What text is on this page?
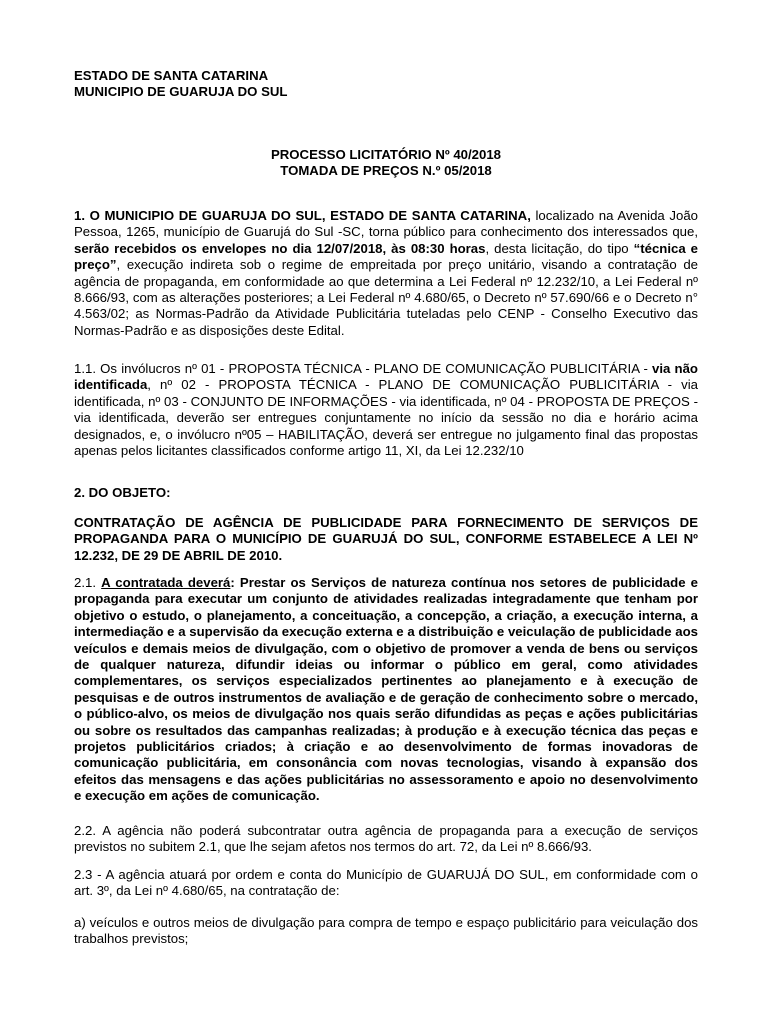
ESTADO DE SANTA CATARINA
MUNICIPIO DE GUARUJA DO SUL
PROCESSO LICITATÓRIO Nº 40/2018
TOMADA DE PREÇOS N.º 05/2018

1. O MUNICIPIO DE GUARUJA DO SUL, ESTADO DE SANTA CATARINA, localizado na Avenida João Pessoa, 1265, município de Guarujá do Sul -SC, torna público para conhecimento dos interessados que, serão recebidos os envelopes no dia 12/07/2018, às 08:30 horas, desta licitação, do tipo “técnica e preço”, execução indireta sob o regime de empreitada por preço unitário, visando a contratação de agência de propaganda, em conformidade ao que determina a Lei Federal nº 12.232/10, a Lei Federal nº 8.666/93, com as alterações posteriores; a Lei Federal nº 4.680/65, o Decreto nº 57.690/66 e o Decreto n° 4.563/02; as Normas-Padrão da Atividade Publicitária tuteladas pelo CENP - Conselho Executivo das Normas-Padrão e as disposições deste Edital.

1.1. Os invólucros nº 01 - PROPOSTA TÉCNICA - PLANO DE COMUNICAÇÃO PUBLICITÁRIA - via não identificada, nº 02 - PROPOSTA TÉCNICA - PLANO DE COMUNICAÇÃO PUBLICITÁRIA - via identificada, nº 03 - CONJUNTO DE INFORMAÇÕES - via identificada, nº 04 - PROPOSTA DE PREÇOS - via identificada, deverão ser entregues conjuntamente no início da sessão no dia e horário acima designados, e, o invólucro nº05 – HABILITAÇÃO, deverá ser entregue no julgamento final das propostas apenas pelos licitantes classificados conforme artigo 11, XI, da Lei 12.232/10

2. DO OBJETO:

CONTRATAÇÃO DE AGÊNCIA DE PUBLICIDADE PARA FORNECIMENTO DE SERVIÇOS DE PROPAGANDA PARA O MUNICÍPIO DE GUARUJÁ DO SUL, CONFORME ESTABELECE A LEI Nº 12.232, DE 29 DE ABRIL DE 2010.

2.1. A contratada deverá: Prestar os Serviços de natureza contínua nos setores de publicidade e propaganda para executar um conjunto de atividades realizadas integradamente que tenham por objetivo o estudo, o planejamento, a conceituação, a concepção, a criação, a execução interna, a intermediação e a supervisão da execução externa e a distribuição e veiculação de publicidade aos veículos e demais meios de divulgação, com o objetivo de promover a venda de bens ou serviços de qualquer natureza, difundir ideias ou informar o público em geral, como atividades complementares, os serviços especializados pertinentes ao planejamento e à execução de pesquisas e de outros instrumentos de avaliação e de geração de conhecimento sobre o mercado, o público-alvo, os meios de divulgação nos quais serão difundidas as peças e ações publicitárias ou sobre os resultados das campanhas realizadas; à produção e à execução técnica das peças e projetos publicitários criados; à criação e ao desenvolvimento de formas inovadoras de comunicação publicitária, em consonância com novas tecnologias, visando à expansão dos efeitos das mensagens e das ações publicitárias no assessoramento e apoio no desenvolvimento e execução em ações de comunicação.

2.2. A agência não poderá subcontratar outra agência de propaganda para a execução de serviços previstos no subitem 2.1, que lhe sejam afetos nos termos do art. 72, da Lei nº 8.666/93.

2.3 - A agência atuará por ordem e conta do Município de GUARUJÁ DO SUL, em conformidade com o art. 3º, da Lei nº 4.680/65, na contratação de:

a) veículos e outros meios de divulgação para compra de tempo e espaço publicitário para veiculação dos trabalhos previstos;
